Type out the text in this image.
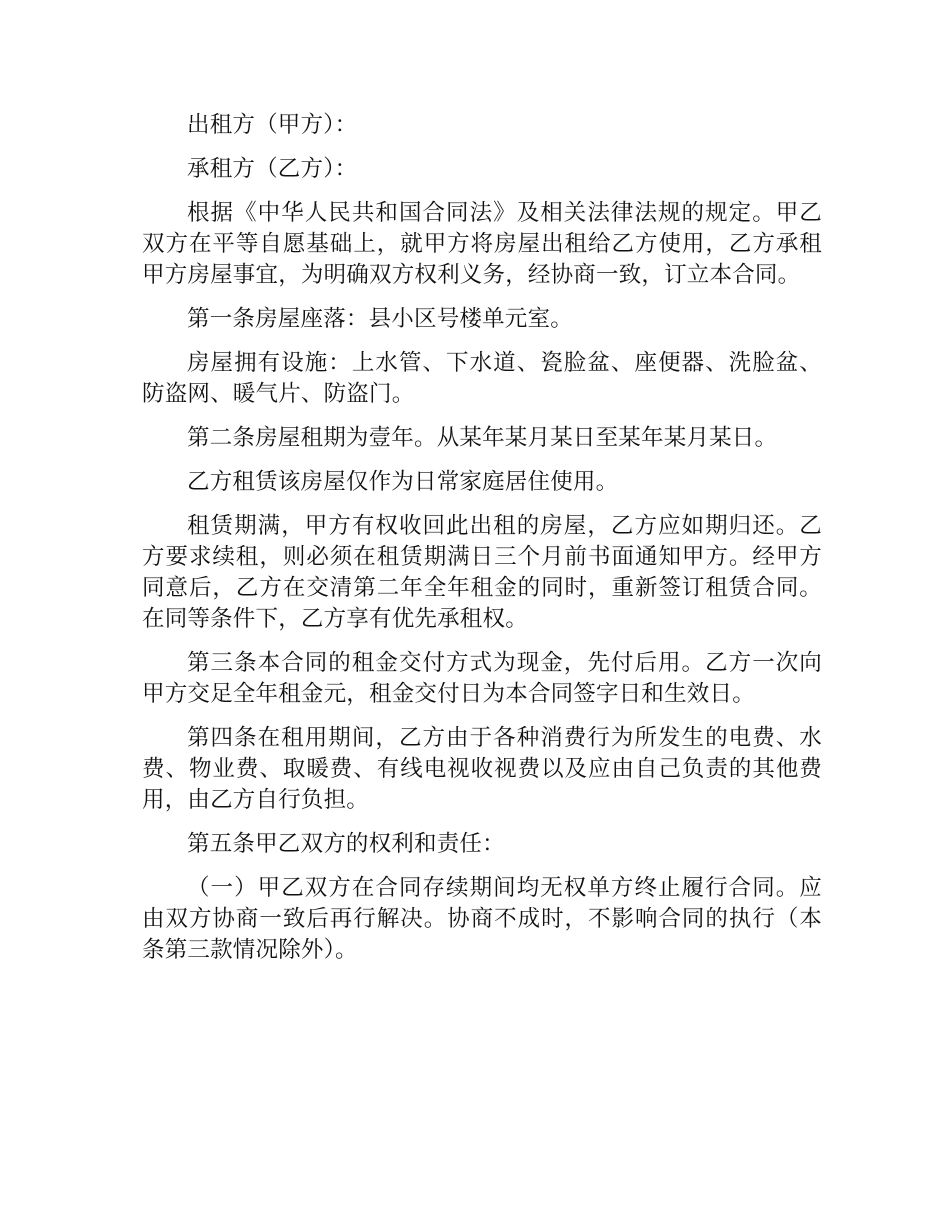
出租方（甲方）：

承租方（乙方）：

根据《中华人民共和国合同法》及相关法律法规的规定。甲乙双方在平等自愿基础上，就甲方将房屋出租给乙方使用，乙方承租甲方房屋事宜，为明确双方权利义务，经协商一致，订立本合同。

第一条房屋座落：县小区号楼单元室。

房屋拥有设施：上水管、下水道、瓷脸盆、座便器、洗脸盆、防盗网、暖气片、防盗门。

第二条房屋租期为壹年。从某年某月某日至某年某月某日。

乙方租赁该房屋仅作为日常家庭居住使用。

租赁期满，甲方有权收回此出租的房屋，乙方应如期归还。乙方要求续租，则必须在租赁期满日三个月前书面通知甲方。经甲方同意后，乙方在交清第二年全年租金的同时，重新签订租赁合同。在同等条件下，乙方享有优先承租权。

第三条本合同的租金交付方式为现金，先付后用。乙方一次向甲方交足全年租金元，租金交付日为本合同签字日和生效日。

第四条在租用期间，乙方由于各种消费行为所发生的电费、水费、物业费、取暖费、有线电视收视费以及应由自己负责的其他费用，由乙方自行负担。

第五条甲乙双方的权利和责任：

（一）甲乙双方在合同存续期间均无权单方终止履行合同。应由双方协商一致后再行解决。协商不成时，不影响合同的执行（本条第三款情况除外）。
